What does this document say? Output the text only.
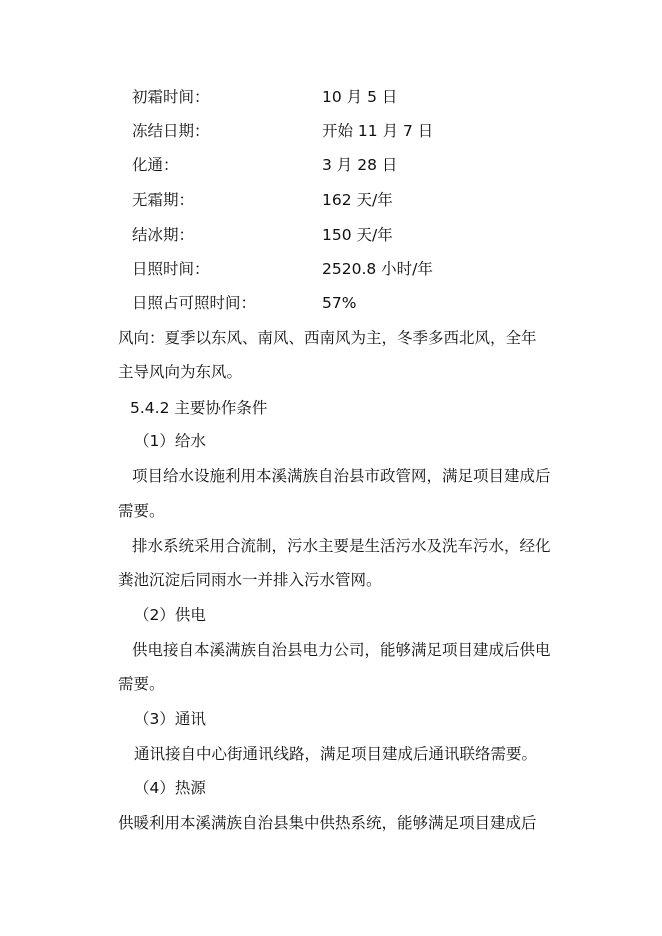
初霜时间：	10 月 5 日
冻结日期：	开始 11 月 7 日
化通：	3 月 28 日
无霜期：	162 天/年
结冰期：	150 天/年
日照时间：	2520.8 小时/年
日照占可照时间：	57%
风向：夏季以东风、南风、西南风为主，冬季多西北风，全年
主导风向为东风。
5.4.2 主要协作条件
（1）给水
项目给水设施利用本溪满族自治县市政管网，满足项目建成后
需要。
排水系统采用合流制，污水主要是生活污水及洗车污水，经化
粪池沉淀后同雨水一并排入污水管网。
（2）供电
供电接自本溪满族自治县电力公司，能够满足项目建成后供电
需要。
（3）通讯
通讯接自中心街通讯线路，满足项目建成后通讯联络需要。
（4）热源
供暖利用本溪满族自治县集中供热系统，能够满足项目建成后
